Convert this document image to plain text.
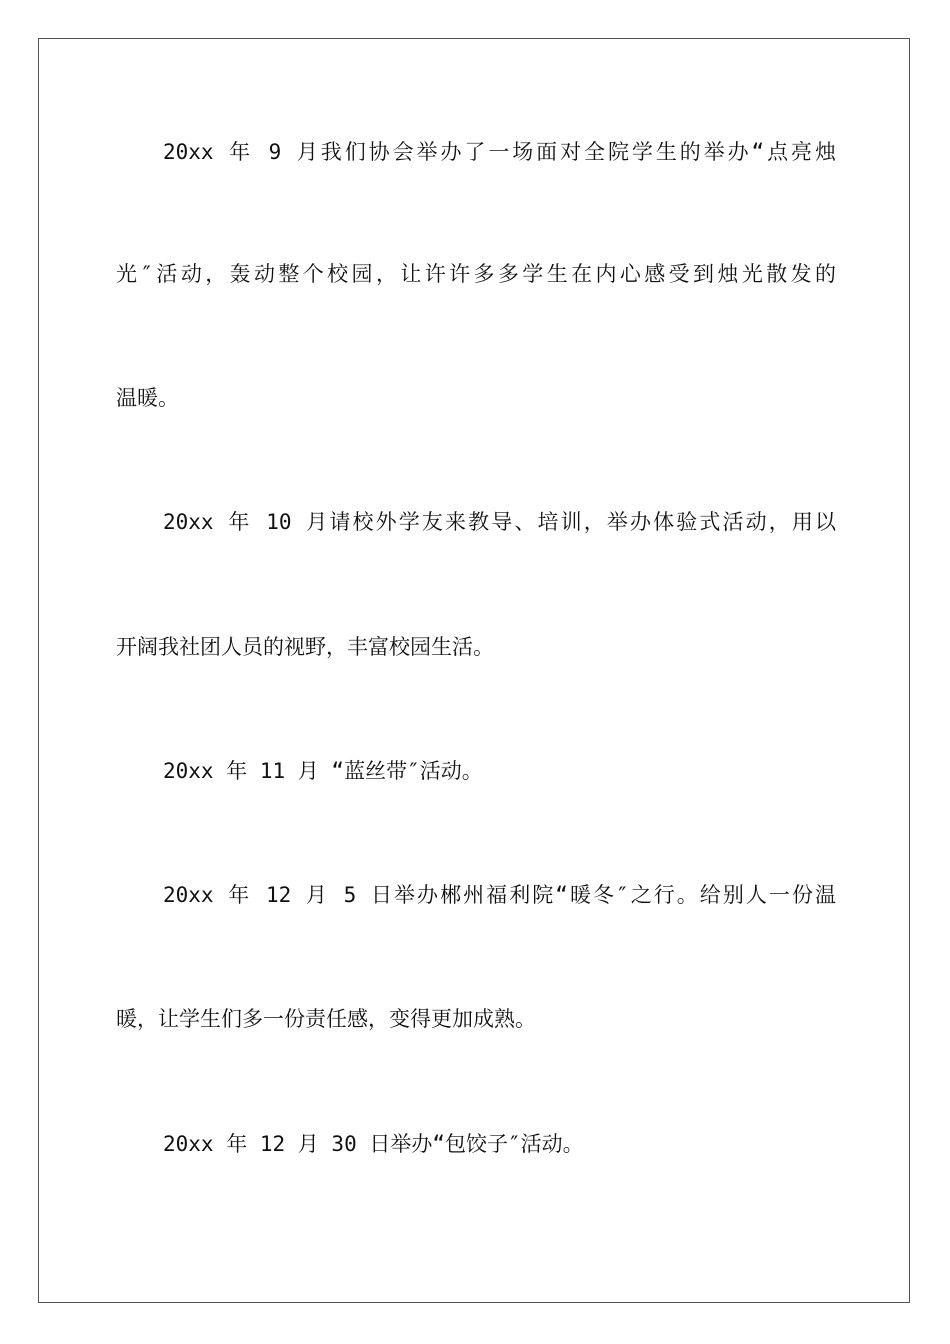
20xx 年 9 月我们协会举办了一场面对全院学生的举办“点亮烛
光″活动，轰动整个校园，让许许多多学生在内心感受到烛光散发的
温暖。
20xx 年 10 月请校外学友来教导、培训，举办体验式活动，用以
开阔我社团人员的视野，丰富校园生活。
20xx 年 11 月 “蓝丝带″活动。
20xx 年 12 月 5 日举办郴州福利院“暖冬″之行。给别人一份温
暖，让学生们多一份责任感，变得更加成熟。
20xx 年 12 月 30 日举办“包饺子″活动。
